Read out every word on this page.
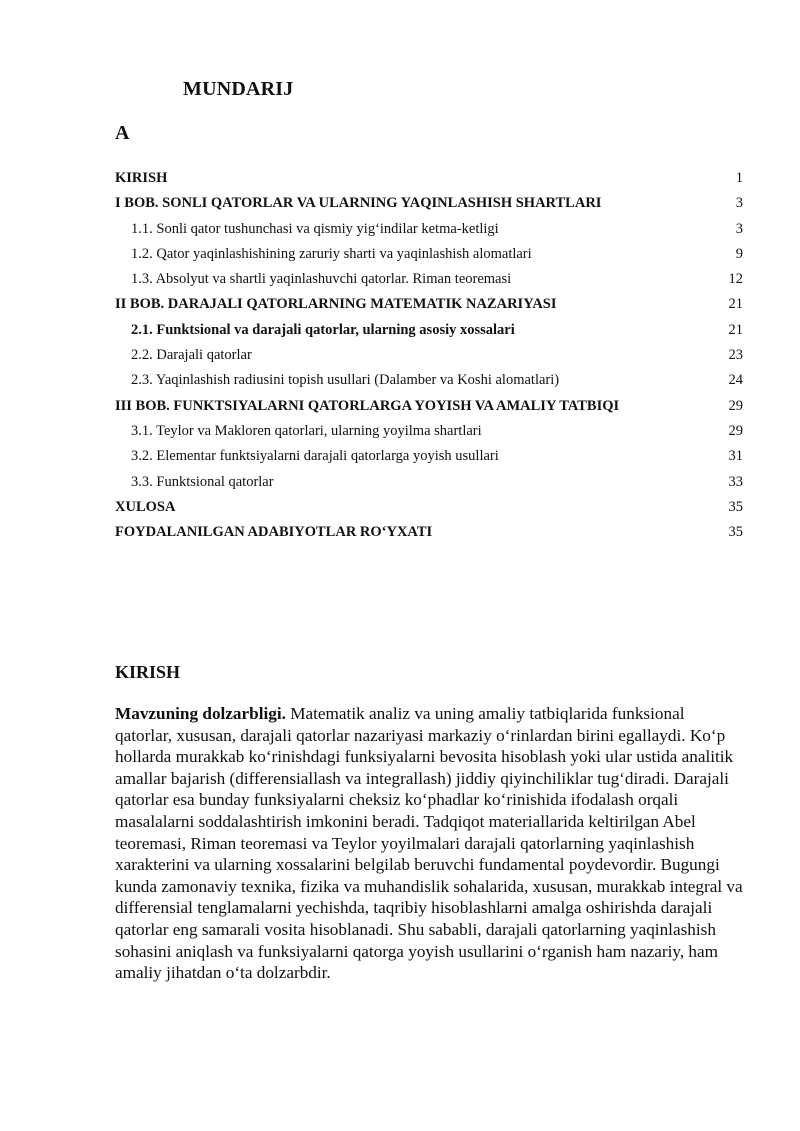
MUNDARIJ
A
KIRISH	1
I BOB. SONLI QATORLAR VA ULARNING YAQINLASHISH SHARTLARI	3
1.1. Sonli qator tushunchasi va qismiy yig‘indilar ketma-ketligi	3
1.2. Qator yaqinlashishining zaruriy sharti va yaqinlashish alomatlari	9
1.3. Absolyut va shartli yaqinlashuvchi qatorlar. Riman teoremasi	12
II BOB. DARAJALI QATORLARNING MATEMATIK NAZARIYASI	21
2.1. Funktsional va darajali qatorlar, ularning asosiy xossalari	21
2.2. Darajali qatorlar	23
2.3. Yaqinlashish radiusini topish usullari (Dalamber va Koshi alomatlari)	24
III BOB. FUNKTSIYALARNI QATORLARGA YOYISH VA AMALIY TATBIQI	29
3.1. Teylor va Makloren qatorlari, ularning yoyilma shartlari	29
3.2. Elementar funktsiyalarni darajali qatorlarga yoyish usullari	31
3.3. Funktsional qatorlar	33
XULOSA	35
FOYDALANILGAN ADABIYOTLAR RO‘YXATI	35
KIRISH

Mavzuning dolzarbligi. Matematik analiz va uning amaliy tatbiqlarida funksional qatorlar, xususan, darajali qatorlar nazariyasi markaziy o‘rinlardan birini egallaydi. Ko‘p hollarda murakkab ko‘rinishdagi funksiyalarni bevosita hisoblash yoki ular ustida analitik amallar bajarish (differensiallash va integrallash) jiddiy qiyinchiliklar tug‘diradi. Darajali qatorlar esa bunday funksiyalarni cheksiz ko‘phadlar ko‘rinishida ifodalash orqali masalalarni soddalashtirish imkonini beradi. Tadqiqot materiallarida keltirilgan Abel teoremasi, Riman teoremasi va Teylor yoyilmalari darajali qatorlarning yaqinlashish xarakterini va ularning xossalarini belgilab beruvchi fundamental poydevordir. Bugungi kunda zamonaviy texnika, fizika va muhandislik sohalarida, xususan, murakkab integral va differensial tenglamalarni yechishda, taqribiy hisoblashlarni amalga oshirishda darajali qatorlar eng samarali vosita hisoblanadi. Shu sababli, darajali qatorlarning yaqinlashish sohasini aniqlash va funksiyalarni qatorga yoyish usullarini o‘rganish ham nazariy, ham amaliy jihatdan o‘ta dolzarbdir.
